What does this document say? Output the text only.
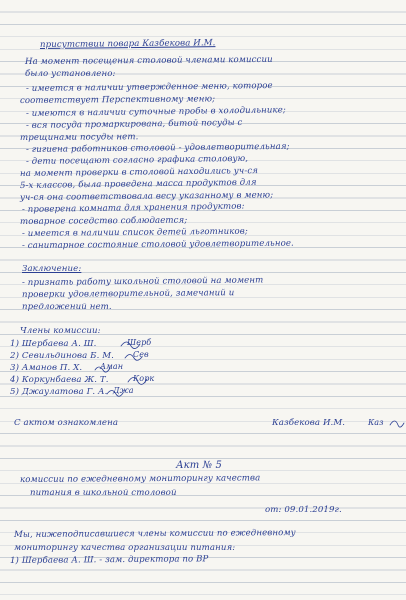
присутствии повара Казбекова И.М.
На момент посещения столовой членами комиссии
было установлено:
- имеется в наличии утвержденное меню, которое
соответствует Перспективному меню;
- имеются в наличии суточные пробы в холодильнике;
- вся посуда промаркирована, битой посуды с
трещинами посуды нет.
- гигиена работников столовой - удовлетворительная;
- дети посещают согласно графика столовую,
на момент проверки в столовой находились уч-ся
5-х классов, была проведена масса продуктов для
уч-ся она соответствовала весу указанному в меню;
- проверена комната для хранения продуктов:
товарное соседство соблюдается;
- имеется в наличии список детей льготников;
- санитарное состояние столовой удовлетворительное.
Заключение:
- признать работу школьной столовой на момент
проверки удовлетворительной, замечаний и
предложений нет.
Члены комиссии:
1) Шербаева А. Ш.
2) Севильдинова Б. М.
3) Аманов П. Х.
4) Коркунбаева Ж. Т.
5) Джаулатова Г. А.
Шерб
Сев
Аман
Корк
Джа
С актом ознакомлена	Казбекова И.М.	Каз
Акт № 5
комиссии по ежедневному мониторингу качества
питания в школьной столовой
от: 09.01.2019г.
Мы, нижеподписавшиеся члены комиссии по ежедневному
мониторингу качества организации питания:
1) Шербаева А. Ш. - зам. директора по ВР
